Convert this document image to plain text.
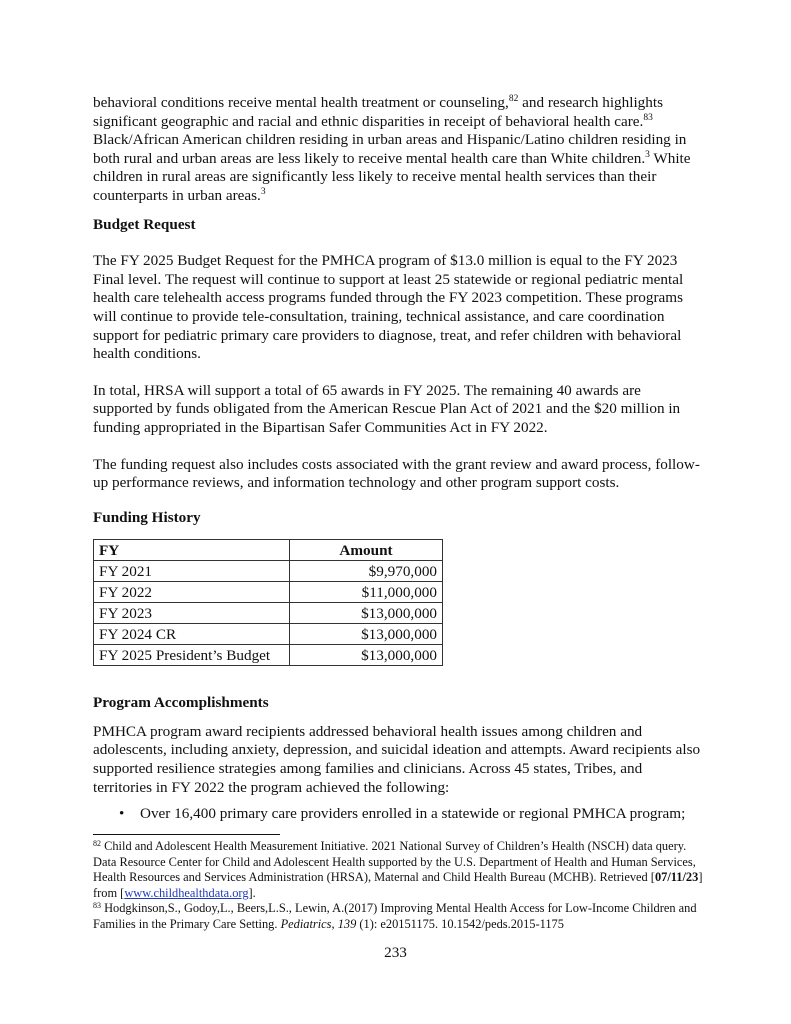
behavioral conditions receive mental health treatment or counseling,$^{82}$ and research highlights significant geographic and racial and ethnic disparities in receipt of behavioral health care.$^{83}$ Black/African American children residing in urban areas and Hispanic/Latino children residing in both rural and urban areas are less likely to receive mental health care than White children.$^3$ White children in rural areas are significantly less likely to receive mental health services than their counterparts in urban areas.$^3$

Budget Request

The FY 2025 Budget Request for the PMHCA program of $13.0 million is equal to the FY 2023 Final level. The request will continue to support at least 25 statewide or regional pediatric mental health care telehealth access programs funded through the FY 2023 competition. These programs will continue to provide tele-consultation, training, technical assistance, and care coordination support for pediatric primary care providers to diagnose, treat, and refer children with behavioral health conditions.

In total, HRSA will support a total of 65 awards in FY 2025. The remaining 40 awards are supported by funds obligated from the American Rescue Plan Act of 2021 and the $20 million in funding appropriated in the Bipartisan Safer Communities Act in FY 2022.

The funding request also includes costs associated with the grant review and award process, follow-up performance reviews, and information technology and other program support costs.

Funding History

FY	Amount
FY 2021	$9,970,000
FY 2022	$11,000,000
FY 2023	$13,000,000
FY 2024 CR	$13,000,000
FY 2025 President’s Budget	$13,000,000

Program Accomplishments

PMHCA program award recipients addressed behavioral health issues among children and adolescents, including anxiety, depression, and suicidal ideation and attempts. Award recipients also supported resilience strategies among families and clinicians. Across 45 states, Tribes, and territories in FY 2022 the program achieved the following:

• Over 16,400 primary care providers enrolled in a statewide or regional PMHCA program;

$^{82}$ Child and Adolescent Health Measurement Initiative. 2021 National Survey of Children’s Health (NSCH) data query. Data Resource Center for Child and Adolescent Health supported by the U.S. Department of Health and Human Services, Health Resources and Services Administration (HRSA), Maternal and Child Health Bureau (MCHB). Retrieved [07/11/23] from [www.childhealthdata.org].

$^{83}$ Hodgkinson,S., Godoy,L., Beers,L.S., Lewin, A.(2017) Improving Mental Health Access for Low-Income Children and Families in the Primary Care Setting. Pediatrics, 139 (1): e20151175. 10.1542/peds.2015-1175

233
